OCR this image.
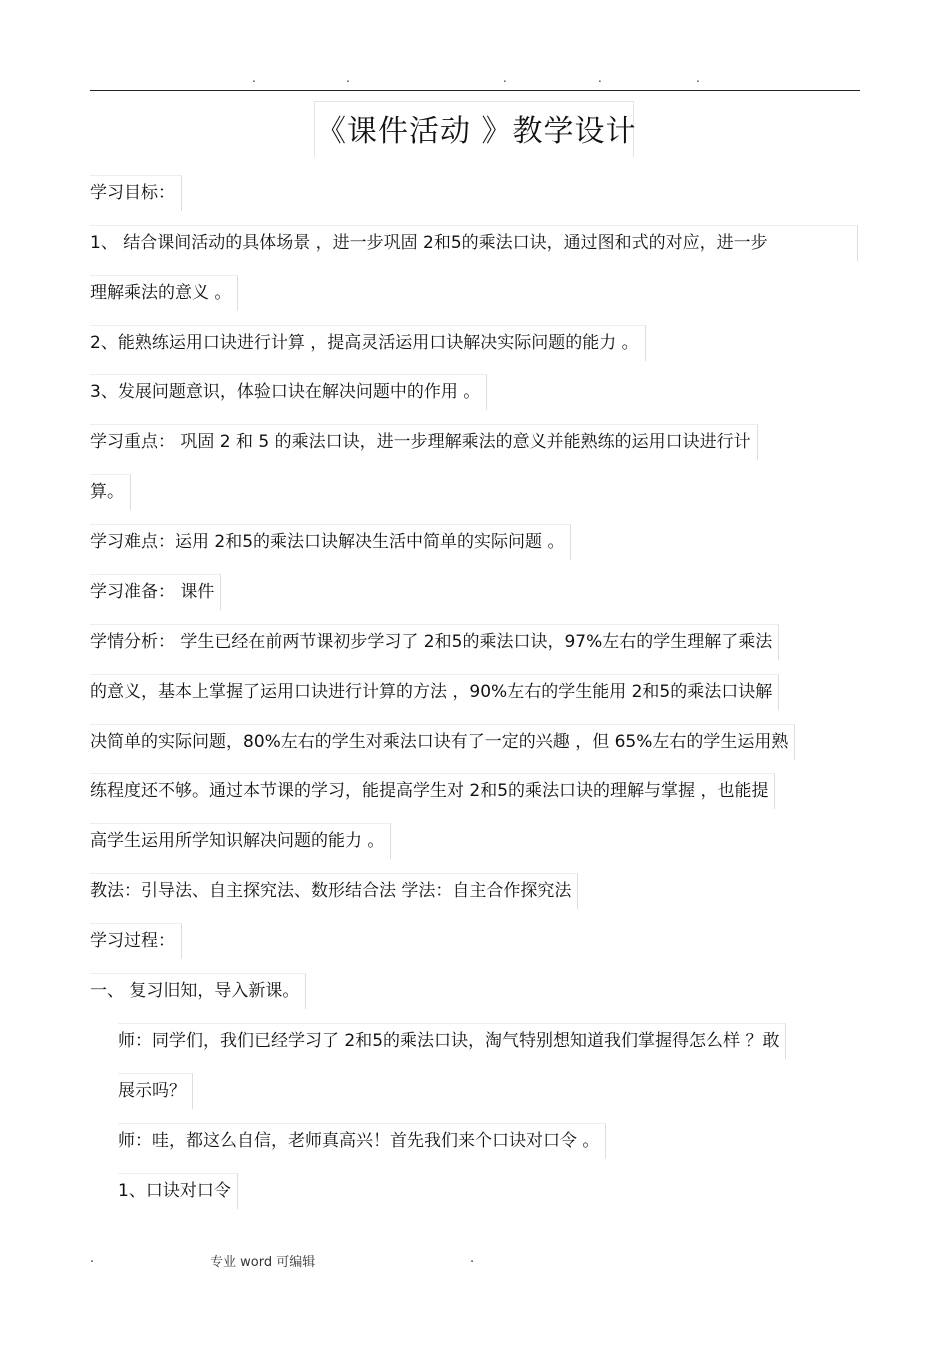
.	.	.	.	.
《课件活动 》教学设计
学习目标：
1、 结合课间活动的具体场景 ，进一步巩固 2和5的乘法口诀，通过图和式的对应，进一步
理解乘法的意义 。
2、能熟练运用口诀进行计算 ，提高灵活运用口诀解决实际问题的能力 。
3、发展问题意识，体验口诀在解决问题中的作用 。
学习重点： 巩固 2 和 5 的乘法口诀，进一步理解乘法的意义并能熟练的运用口诀进行计
算。
学习难点：运用 2和5的乘法口诀解决生活中简单的实际问题 。
学习准备： 课件
学情分析： 学生已经在前两节课初步学习了 2和5的乘法口诀，97%左右的学生理解了乘法
的意义，基本上掌握了运用口诀进行计算的方法 ，90%左右的学生能用 2和5的乘法口诀解
决简单的实际问题，80%左右的学生对乘法口诀有了一定的兴趣 ，但 65%左右的学生运用熟
练程度还不够。通过本节课的学习，能提高学生对 2和5的乘法口诀的理解与掌握 ，也能提
高学生运用所学知识解决问题的能力 。
教法：引导法、自主探究法、数形结合法 学法：自主合作探究法
学习过程：
一、 复习旧知，导入新课。
师：同学们，我们已经学习了 2和5的乘法口诀，淘气特别想知道我们掌握得怎么样 ？敢
展示吗？
师：哇，都这么自信，老师真高兴！首先我们来个口诀对口令 。
1、口诀对口令
.	专业 word 可编辑	.
